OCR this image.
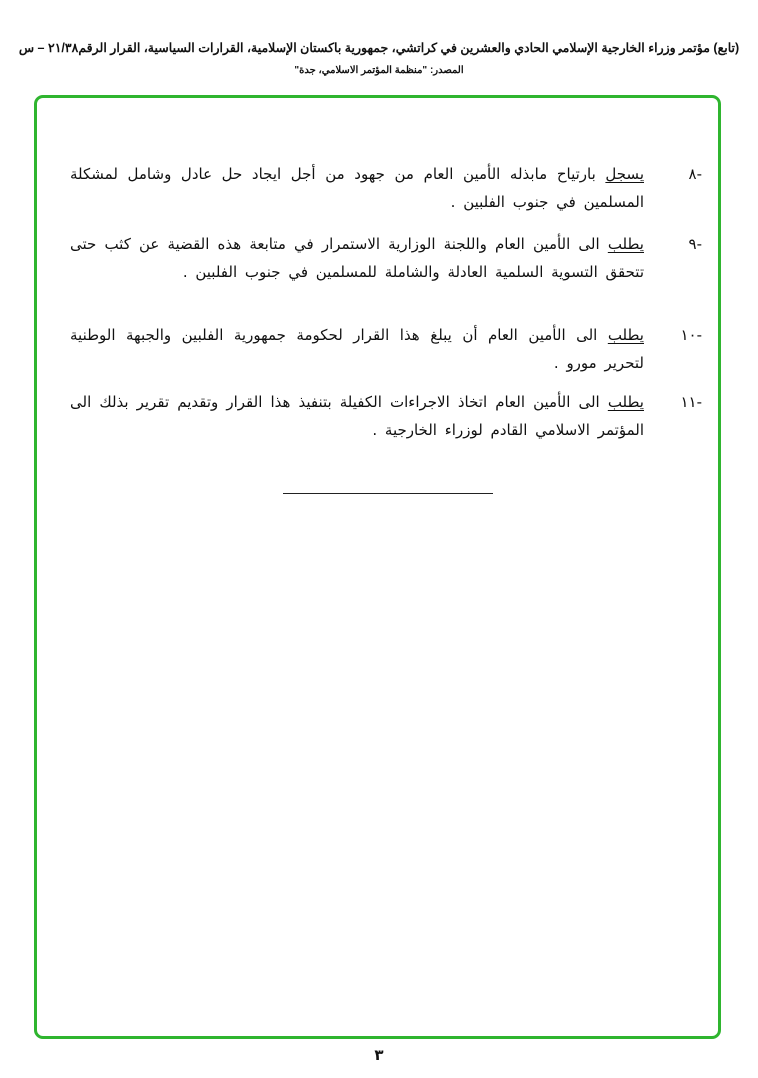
(تابع) مؤتمر وزراء الخارجية الإسلامي الحادي والعشرين في كراتشي، جمهورية باكستان الإسلامية، القرارات السياسية، القرار الرقم٢١/٣٨ – س
المصدر: "منظمة المؤتمر الاسلامي، جدة"
-٨
يسجل بارتياح مابذله الأمين العام من جهود من أجل ايجاد حل عادل وشامل لمشكلة المسلمين في جنوب الفلبين .
-٩
يطلب الى الأمين العام واللجنة الوزارية الاستمرار في متابعة هذه القضية عن كثب حتى تتحقق التسوية السلمية العادلة والشاملة للمسلمين في جنوب الفلبين .
-١٠
يطلب الى الأمين العام أن يبلغ هذا القرار لحكومة جمهورية الفلبين والجبهة الوطنية لتحرير مورو .
-١١
يطلب الى الأمين العام اتخاذ الاجراءات الكفيلة بتنفيذ هذا القرار وتقديم تقرير بذلك الى المؤتمر الاسلامي القادم لوزراء الخارجية .
٣
